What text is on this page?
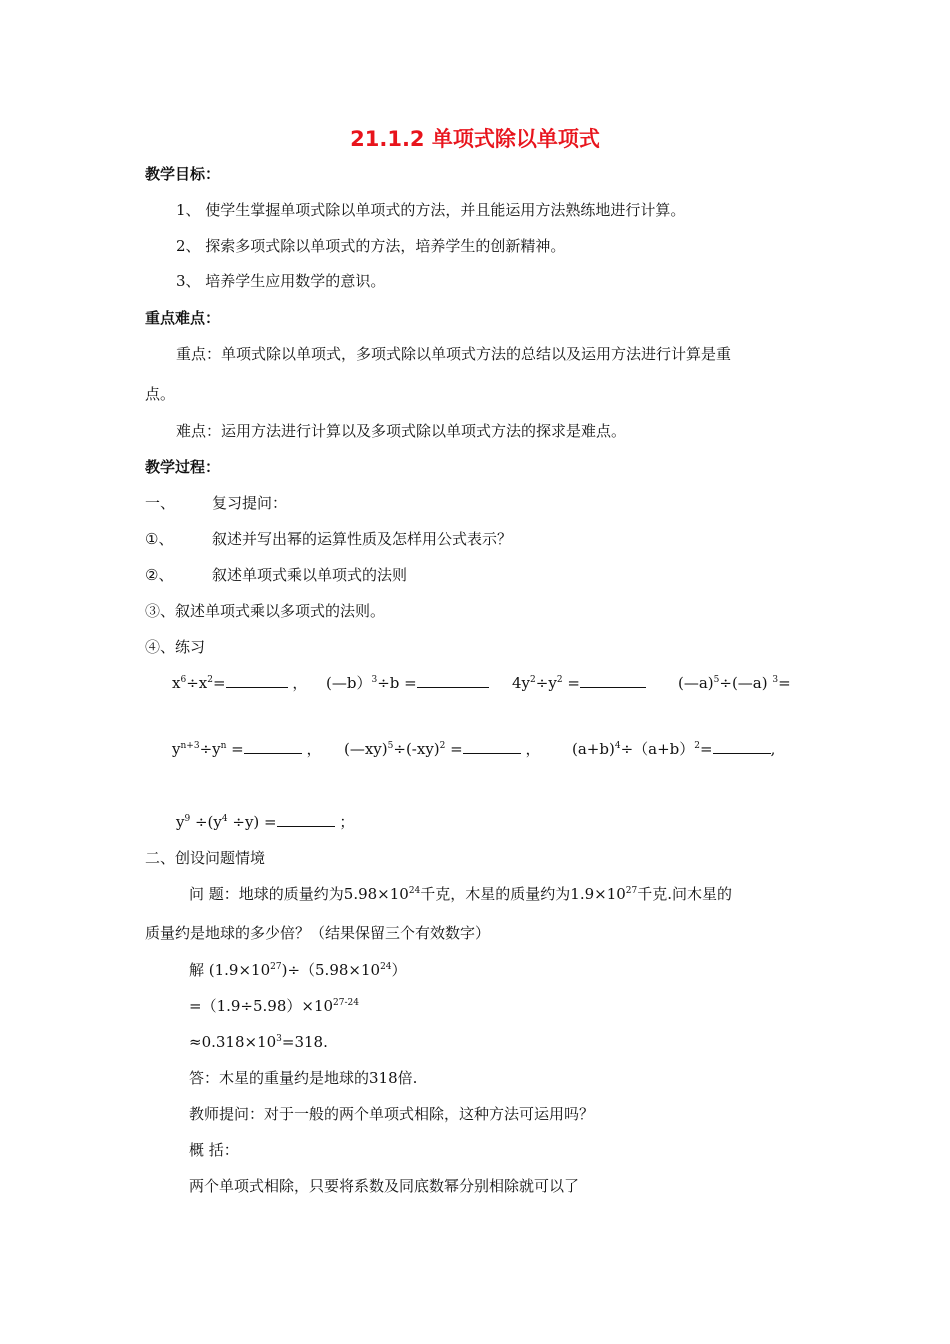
21.1.2 单项式除以单项式
教学目标：
1、 使学生掌握单项式除以单项式的方法，并且能运用方法熟练地进行计算。
2、 探索多项式除以单项式的方法，培养学生的创新精神。
3、 培养学生应用数学的意识。
重点难点：
重点：单项式除以单项式，多项式除以单项式方法的总结以及运用方法进行计算是重
点。
难点：运用方法进行计算以及多项式除以单项式方法的探求是难点。
教学过程：
一、 复习提问：
①、	叙述并写出幂的运算性质及怎样用公式表示？
②、	叙述单项式乘以单项式的法则
③、叙述单项式乘以多项式的法则。
④、练习
$x^6\div x^2=$	， (—b）$^3$÷b =	$4y^2\div y^2$ =	(—a)$^5$÷(—a) $^3$=
$y^{n+3}\div y^n$ =	， $(—xy)^5\div(-xy)^2$ =	， $(a+b)^4\div(a+b)^2=$	,
$y^9 \div(y^4 \div y)$ =	；
二、创设问题情境
问 题：地球的质量约为$5.98\times 10^{24}$千克，木星的质量约为$1.9\times 10^{27}$千克.问木星的
质量约是地球的多少倍？（结果保留三个有效数字）
解 $(1.9\times 10^{27})\div(5.98\times 10^{24})$
$=(1.9\div 5.98)\times 10^{27-24}$
$\approx 0.318\times 10^3=318$.
答：木星的重量约是地球的318倍.
教师提问：对于一般的两个单项式相除，这种方法可运用吗？
概 括：
两个单项式相除，只要将系数及同底数幂分别相除就可以了
